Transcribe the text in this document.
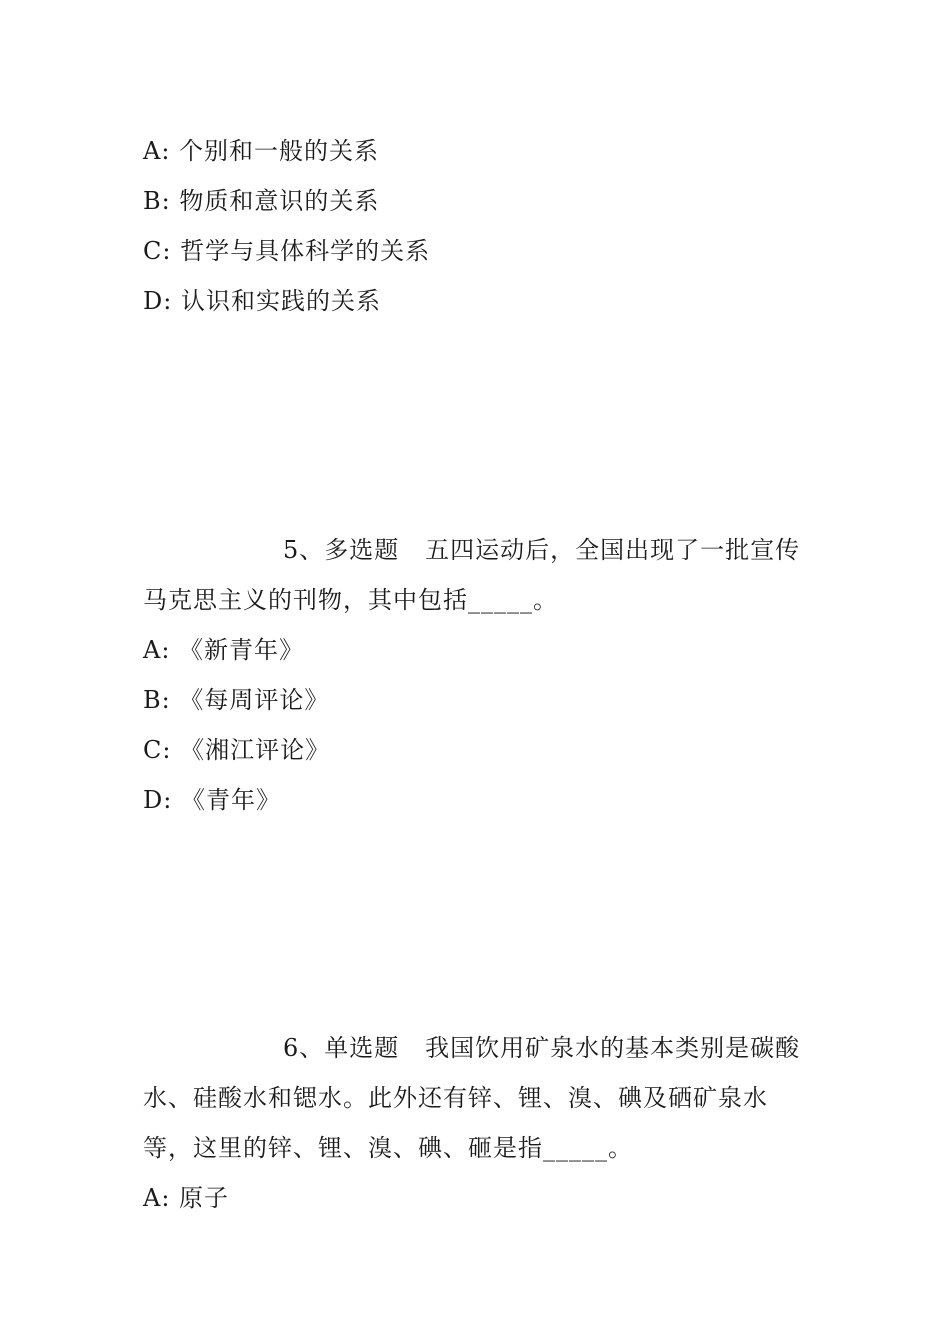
A: 个别和一般的关系
B: 物质和意识的关系
C: 哲学与具体科学的关系
D: 认识和实践的关系
5、多选题   五四运动后，全国出现了一批宣传
马克思主义的刊物，其中包括_____。
A: 《新青年》
B: 《每周评论》
C: 《湘江评论》
D: 《青年》
6、单选题   我国饮用矿泉水的基本类别是碳酸
水、硅酸水和锶水。此外还有锌、锂、溴、碘及硒矿泉水
等，这里的锌、锂、溴、碘、砸是指_____。
A: 原子
